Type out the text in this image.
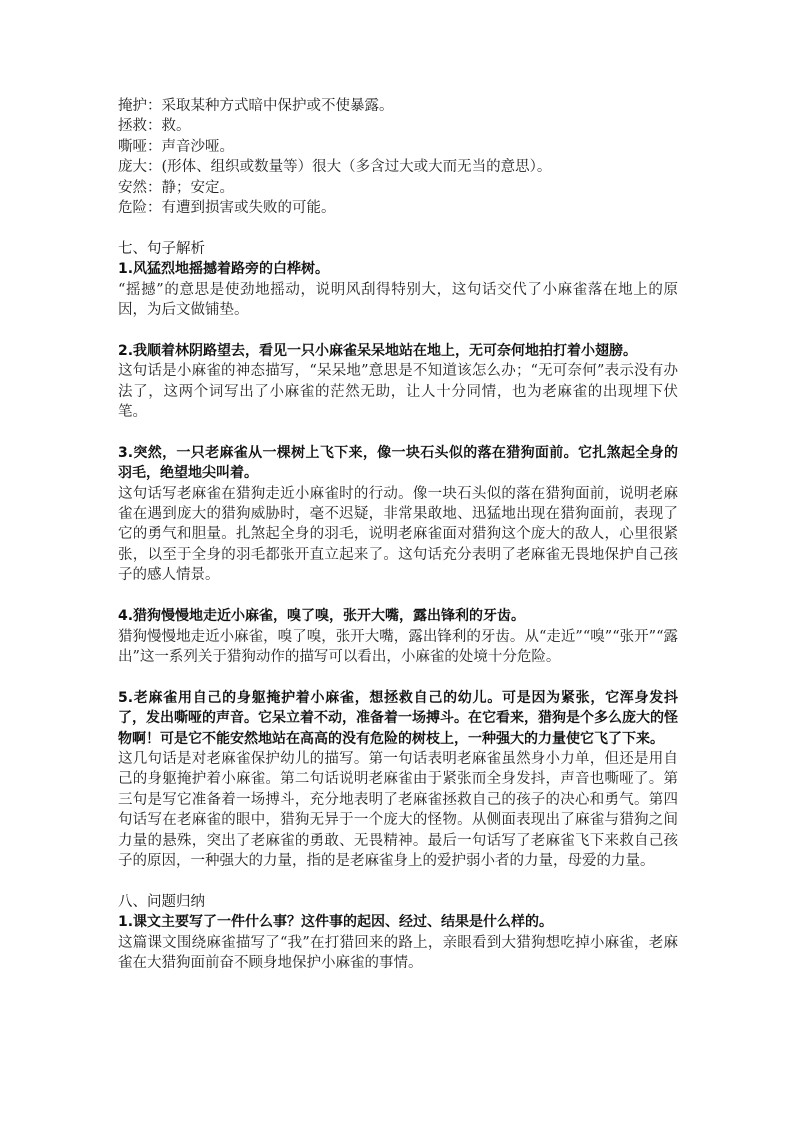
掩护：采取某种方式暗中保护或不使暴露。
拯救：救。
嘶哑：声音沙哑。
庞大：(形体、组织或数量等）很大（多含过大或大而无当的意思）。
安然：静；安定。
危险：有遭到损害或失败的可能。
七、句子解析
1.风猛烈地摇撼着路旁的白桦树。
“摇撼”的意思是使劲地摇动，说明风刮得特别大，这句话交代了小麻雀落在地上的原因，为后文做铺垫。
2.我顺着林阴路望去，看见一只小麻雀呆呆地站在地上，无可奈何地拍打着小翅膀。
这句话是小麻雀的神态描写，“呆呆地”意思是不知道该怎么办；“无可奈何”表示没有办法了，这两个词写出了小麻雀的茫然无助，让人十分同情，也为老麻雀的出现埋下伏笔。
3.突然，一只老麻雀从一棵树上飞下来，像一块石头似的落在猎狗面前。它扎煞起全身的羽毛，绝望地尖叫着。
这句话写老麻雀在猎狗走近小麻雀时的行动。像一块石头似的落在猎狗面前，说明老麻雀在遇到庞大的猎狗威胁时，毫不迟疑，非常果敢地、迅猛地出现在猎狗面前，表现了它的勇气和胆量。扎煞起全身的羽毛，说明老麻雀面对猎狗这个庞大的敌人，心里很紧张，以至于全身的羽毛都张开直立起来了。这句话充分表明了老麻雀无畏地保护自己孩子的感人情景。
4.猎狗慢慢地走近小麻雀，嗅了嗅，张开大嘴，露出锋利的牙齿。
猎狗慢慢地走近小麻雀，嗅了嗅，张开大嘴，露出锋利的牙齿。从“走近”“嗅”“张开”“露出”这一系列关于猎狗动作的描写可以看出，小麻雀的处境十分危险。
5.老麻雀用自己的身躯掩护着小麻雀，想拯救自己的幼儿。可是因为紧张，它浑身发抖了，发出嘶哑的声音。它呆立着不动，准备着一场搏斗。在它看来，猎狗是个多么庞大的怪物啊！可是它不能安然地站在高高的没有危险的树枝上，一种强大的力量使它飞了下来。
这几句话是对老麻雀保护幼儿的描写。第一句话表明老麻雀虽然身小力单，但还是用自己的身躯掩护着小麻雀。第二句话说明老麻雀由于紧张而全身发抖，声音也嘶哑了。第三句是写它准备着一场搏斗，充分地表明了老麻雀拯救自己的孩子的决心和勇气。第四句话写在老麻雀的眼中，猎狗无异于一个庞大的怪物。从侧面表现出了麻雀与猎狗之间力量的悬殊，突出了老麻雀的勇敢、无畏精神。最后一句话写了老麻雀飞下来救自己孩子的原因，一种强大的力量，指的是老麻雀身上的爱护弱小者的力量，母爱的力量。
八、问题归纳
1.课文主要写了一件什么事？这件事的起因、经过、结果是什么样的。
这篇课文围绕麻雀描写了“我”在打猎回来的路上，亲眼看到大猎狗想吃掉小麻雀，老麻雀在大猎狗面前奋不顾身地保护小麻雀的事情。
